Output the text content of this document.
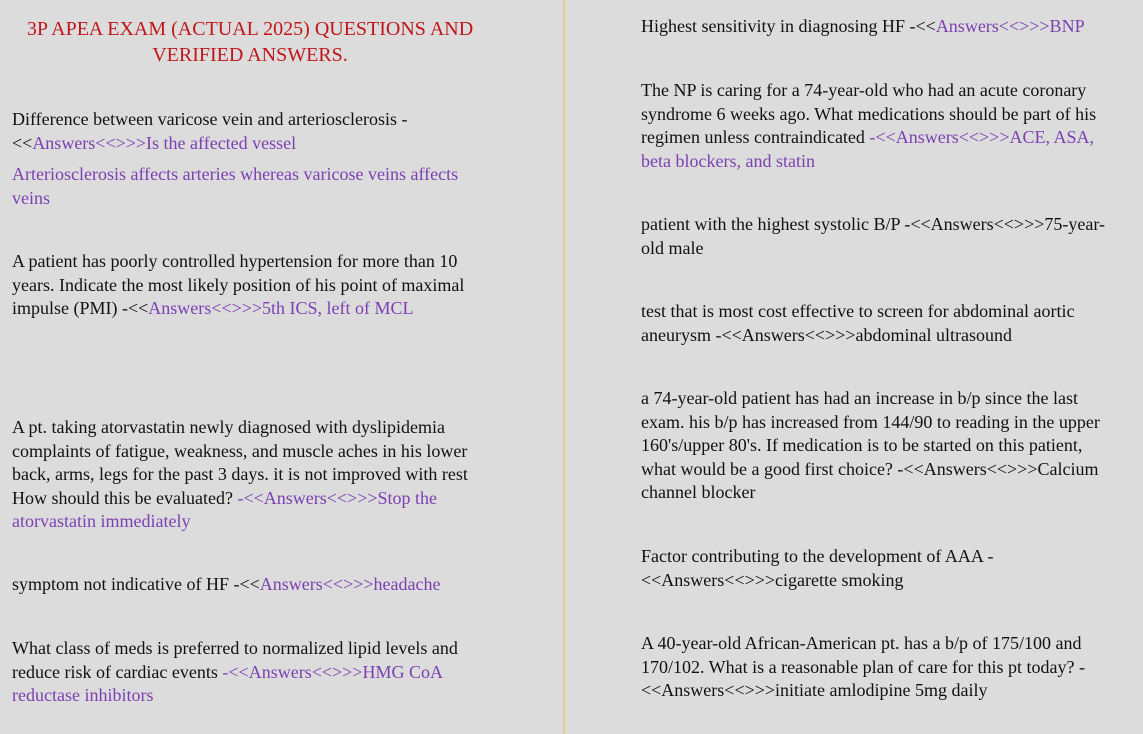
3P APEA EXAM (ACTUAL 2025) QUESTIONS AND VERIFIED ANSWERS.

Difference between varicose vein and arteriosclerosis -<<Answers<<>>>Is the affected vessel

Arteriosclerosis affects arteries whereas varicose veins affects veins

A patient has poorly controlled hypertension for more than 10 years. Indicate the most likely position of his point of maximal impulse (PMI) -<<Answers<<>>>5th ICS, left of MCL

A pt. taking atorvastatin newly diagnosed with dyslipidemia complaints of fatigue, weakness, and muscle aches in his lower back, arms, legs for the past 3 days. it is not improved with rest How should this be evaluated? -<<Answers<<>>>Stop the atorvastatin immediately

symptom not indicative of HF -<<Answers<<>>>headache

What class of meds is preferred to normalized lipid levels and reduce risk of cardiac events -<<Answers<<>>>HMG CoA reductase inhibitors

Highest sensitivity in diagnosing HF -<<Answers<<>>>BNP

The NP is caring for a 74-year-old who had an acute coronary syndrome 6 weeks ago. What medications should be part of his regimen unless contraindicated -<<Answers<<>>>ACE, ASA, beta blockers, and statin

patient with the highest systolic B/P -<<Answers<<>>>75-year-old male

test that is most cost effective to screen for abdominal aortic aneurysm -<<Answers<<>>>abdominal ultrasound

a 74-year-old patient has had an increase in b/p since the last exam. his b/p has increased from 144/90 to reading in the upper 160's/upper 80's. If medication is to be started on this patient, what would be a good first choice? -<<Answers<<>>>Calcium channel blocker

Factor contributing to the development of AAA -<<Answers<<>>>cigarette smoking

A 40-year-old African-American pt. has a b/p of 175/100 and 170/102. What is a reasonable plan of care for this pt today? -<<Answers<<>>>initiate amlodipine 5mg daily
